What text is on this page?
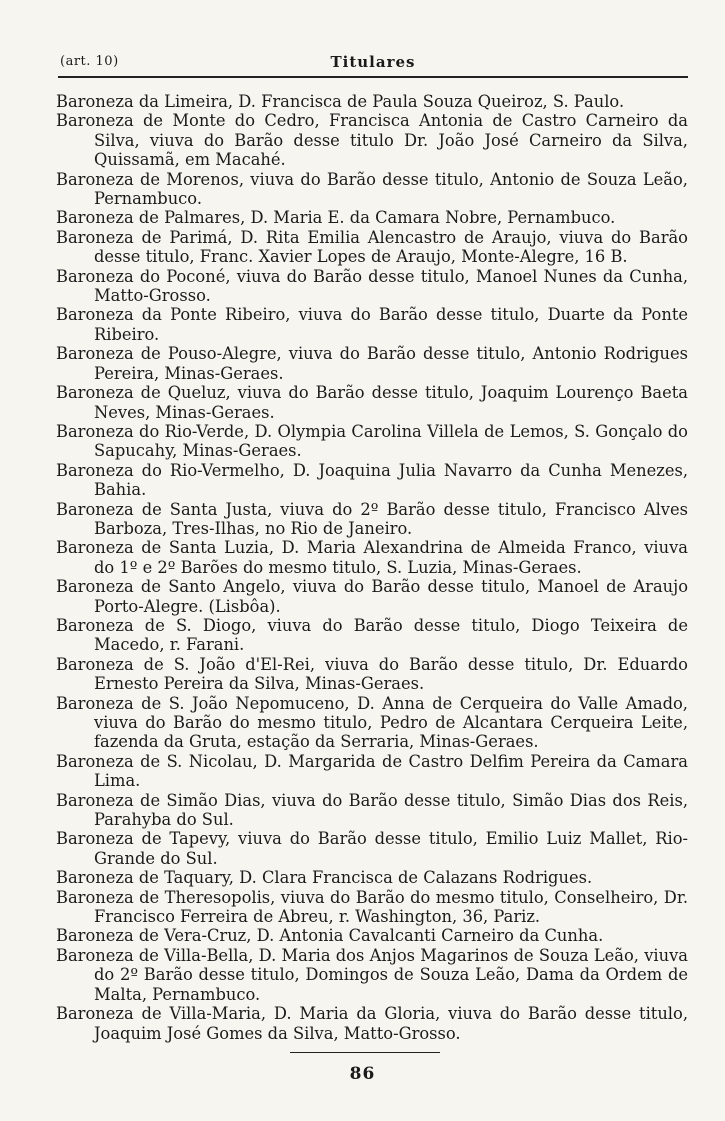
(art. 10)	Titulares

Baroneza da Limeira, D. Francisca de Paula Souza Queiroz, S. Paulo.

Baroneza de Monte do Cedro, Francisca Antonia de Castro Carneiro da Silva, viuva do Barão desse titulo Dr. João José Carneiro da Silva, Quissamã, em Macahé.

Baroneza de Morenos, viuva do Barão desse titulo, Antonio de Souza Leão, Pernambuco.

Baroneza de Palmares, D. Maria E. da Camara Nobre, Pernambuco.

Baroneza de Parimá, D. Rita Emilia Alencastro de Araujo, viuva do Barão desse titulo, Franc. Xavier Lopes de Araujo, Monte-Alegre, 16 B.

Baroneza do Poconé, viuva do Barão desse titulo, Manoel Nunes da Cunha, Matto-Grosso.

Baroneza da Ponte Ribeiro, viuva do Barão desse titulo, Duarte da Ponte Ribeiro.

Baroneza de Pouso-Alegre, viuva do Barão desse titulo, Antonio Rodrigues Pereira, Minas-Geraes.

Baroneza de Queluz, viuva do Barão desse titulo, Joaquim Lourenço Baeta Neves, Minas-Geraes.

Baroneza do Rio-Verde, D. Olympia Carolina Villela de Lemos, S. Gonçalo do Sapucahy, Minas-Geraes.

Baroneza do Rio-Vermelho, D. Joaquina Julia Navarro da Cunha Menezes, Bahia.

Baroneza de Santa Justa, viuva do 2º Barão desse titulo, Francisco Alves Barboza, Tres-Ilhas, no Rio de Janeiro.

Baroneza de Santa Luzia, D. Maria Alexandrina de Almeida Franco, viuva do 1º e 2º Barões do mesmo titulo, S. Luzia, Minas-Geraes.

Baroneza de Santo Angelo, viuva do Barão desse titulo, Manoel de Araujo Porto-Alegre. (Lisbôa).

Baroneza de S. Diogo, viuva do Barão desse titulo, Diogo Teixeira de Macedo, r. Farani.

Baroneza de S. João d'El-Rei, viuva do Barão desse titulo, Dr. Eduardo Ernesto Pereira da Silva, Minas-Geraes.

Baroneza de S. João Nepomuceno, D. Anna de Cerqueira do Valle Amado, viuva do Barão do mesmo titulo, Pedro de Alcantara Cerqueira Leite, fazenda da Gruta, estação da Serraria, Minas-Geraes.

Baroneza de S. Nicolau, D. Margarida de Castro Delfim Pereira da Camara Lima.

Baroneza de Simão Dias, viuva do Barão desse titulo, Simão Dias dos Reis, Parahyba do Sul.

Baroneza de Tapevy, viuva do Barão desse titulo, Emilio Luiz Mallet, Rio-Grande do Sul.

Baroneza de Taquary, D. Clara Francisca de Calazans Rodrigues.

Baroneza de Theresopolis, viuva do Barão do mesmo titulo, Conselheiro, Dr. Francisco Ferreira de Abreu, r. Washington, 36, Pariz.

Baroneza de Vera-Cruz, D. Antonia Cavalcanti Carneiro da Cunha.

Baroneza de Villa-Bella, D. Maria dos Anjos Magarinos de Souza Leão, viuva do 2º Barão desse titulo, Domingos de Souza Leão, Dama da Ordem de Malta, Pernambuco.

Baroneza de Villa-Maria, D. Maria da Gloria, viuva do Barão desse titulo, Joaquim José Gomes da Silva, Matto-Grosso.

86
